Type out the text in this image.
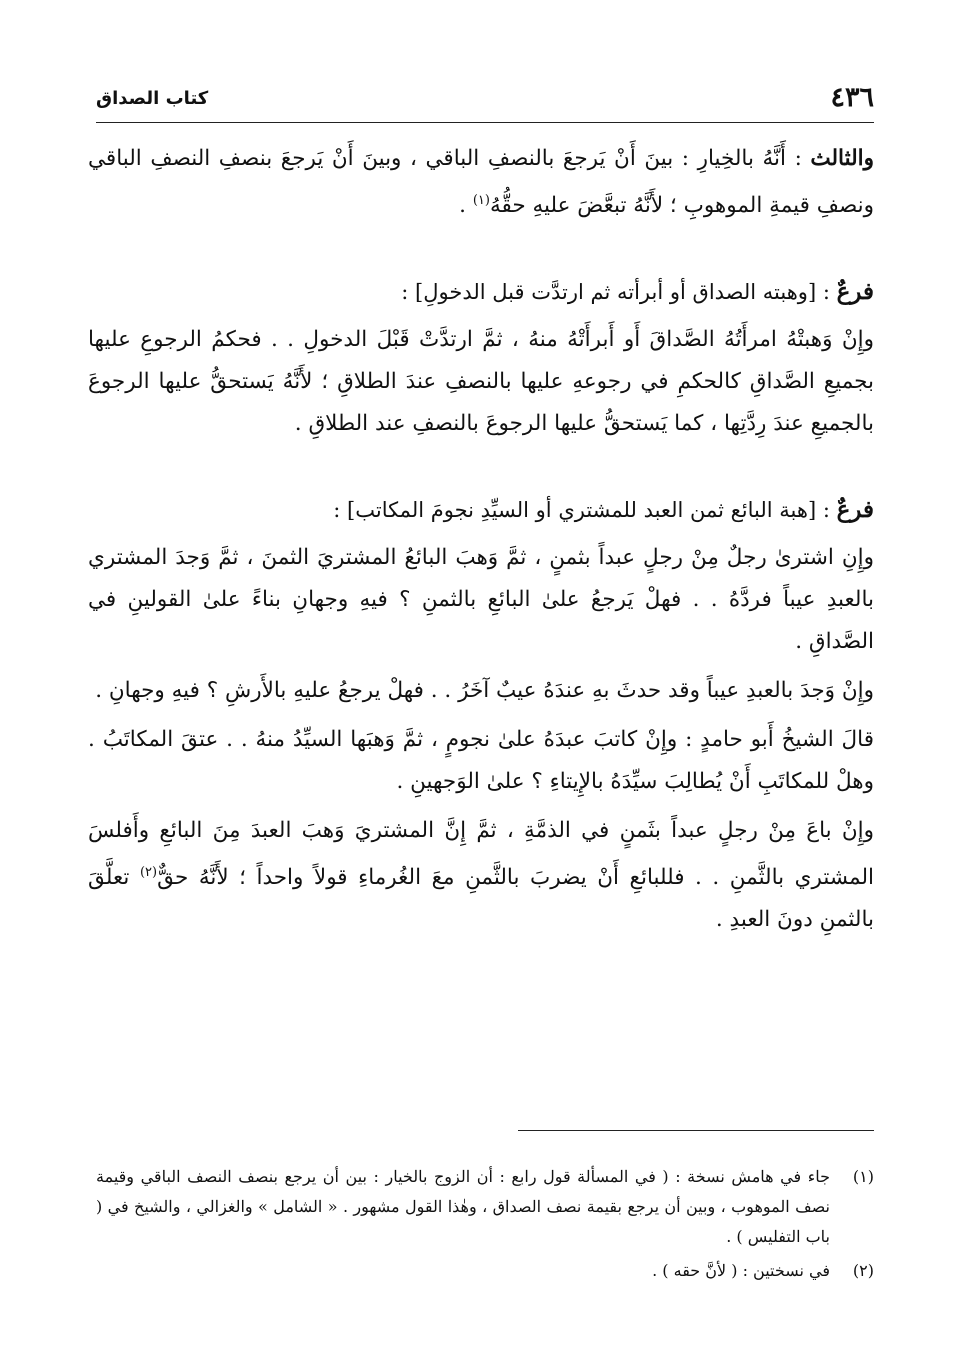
٤٣٦
كتاب الصداق

والثالث : أَنَّهُ بالخِيارِ : بينَ أَنْ يَرجعَ بالنصفِ الباقي ، وبينَ أَنْ يَرجعَ بنصفِ النصفِ الباقي ونصفِ قيمةِ الموهوبِ ؛ لأَنَّهُ تبعَّضَ عليهِ حقُّهُ$^{(١)}$ .

فرعٌ : [وهبته الصداق أو أبرأته ثم ارتدَّت قبل الدخولِ] :

وإِنْ وَهبتْهُ امرأَتُهُ الصَّداقَ أَو أَبرأَتْهُ منهُ ، ثمَّ ارتدَّتْ قَبْلَ الدخولِ . . فحكمُ الرجوعِ عليها بجميعِ الصَّداقِ كالحكمِ في رجوعهِ عليها بالنصفِ عندَ الطلاقِ ؛ لأَنَّهُ يَستحقُّ عليها الرجوعَ بالجميعِ عندَ رِدَّتِها ، كما يَستحقُّ عليها الرجوعَ بالنصفِ عند الطلاقِ .

فرعٌ : [هبة البائع ثمن العبد للمشتري أو السيِّدِ نجومَ المكاتب] :

وإِنِ اشترىٰ رجلٌ مِنْ رجلٍ عبداً بثمنٍ ، ثمَّ وَهبَ البائعُ المشتريَ الثمنَ ، ثمَّ وَجدَ المشتري بالعبدِ عيباً فردَّهُ . . فهلْ يَرجعُ علىٰ البائعِ بالثمنِ ؟ فيهِ وجهانِ بناءً علىٰ القولينِ في الصَّداقِ .

وإِنْ وَجدَ بالعبدِ عيباً وقد حدثَ بهِ عندَهُ عيبٌ آخَرُ . . فهلْ يرجعُ عليهِ بالأَرشِ ؟ فيهِ وجهانِ .

قالَ الشيخُ أَبو حامدٍ : وإِنْ كاتبَ عبدَهُ علىٰ نجومٍ ، ثمَّ وَهبَها السيِّدُ منهُ . . عتقَ المكاتَبُ . وهلْ للمكاتَبِ أَنْ يُطالِبَ سيِّدَهُ بالإِيتاءِ ؟ علىٰ الوَجهينِ .

وإِنْ باعَ مِنْ رجلٍ عبداً بثَمنٍ في الذمَّةِ ، ثمَّ إِنَّ المشتريَ وَهبَ العبدَ مِنَ البائعِ وأَفلسَ المشتري بالثَّمنِ . . فللبائعِ أَنْ يضربَ بالثَّمنِ معَ الغُرماءِ قولاً واحداً ؛ لأَنَّهُ حقٌّ$^{(٢)}$ تعلَّقَ بالثمنِ دونَ العبدِ .

(١)
جاء في هامش نسخة : ( في المسألة قول رابع : أن الزوج بالخيار : بين أن يرجع بنصف النصف الباقي وقيمة نصف الموهوب ، وبين أن يرجع بقيمة نصف الصداق ، وهٰذا القول مشهور . « الشامل » والغزالي ، والشيخ في ( باب التفليس ) .
(٢)
في نسختين : ( لأنَّ حقه ) .
